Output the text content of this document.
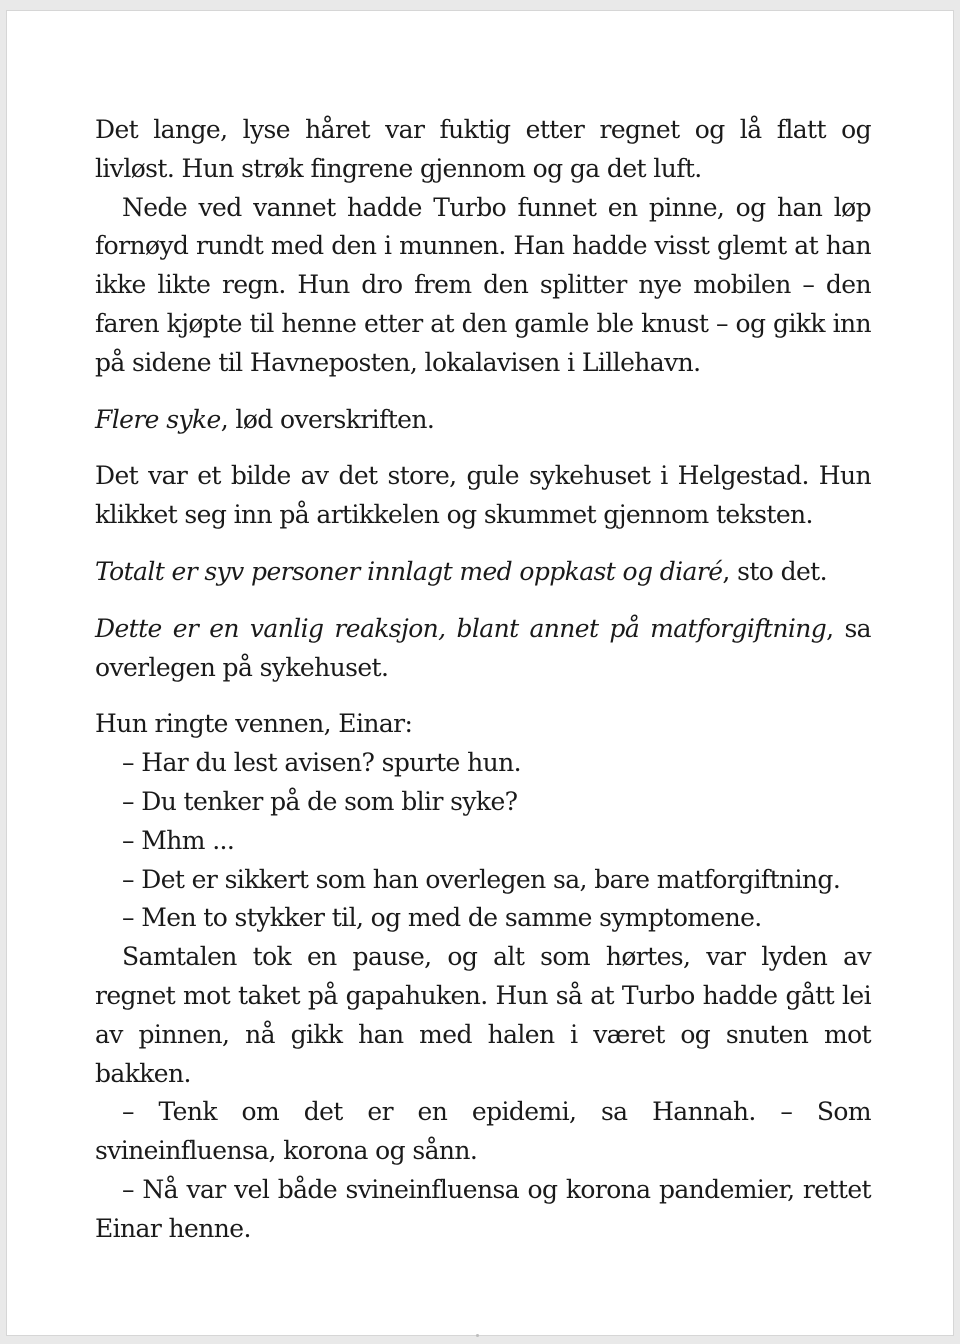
Det lange, lyse håret var fuktig etter regnet og lå flatt og livløst. Hun strøk fingrene gjennom og ga det luft.

Nede ved vannet hadde Turbo funnet en pinne, og han løp fornøyd rundt med den i munnen. Han hadde visst glemt at han ikke likte regn. Hun dro frem den splitter nye mobilen – den faren kjøpte til henne etter at den gamle ble knust – og gikk inn på sidene til Havneposten, lokalavisen i Lillehavn.

Flere syke, lød overskriften.

Det var et bilde av det store, gule sykehuset i Helgestad. Hun klikket seg inn på artikkelen og skummet gjennom teksten.

Totalt er syv personer innlagt med oppkast og diaré, sto det.

Dette er en vanlig reaksjon, blant annet på matforgiftning, sa overlegen på sykehuset.

Hun ringte vennen, Einar:

– Har du lest avisen? spurte hun.

– Du tenker på de som blir syke?

– Mhm ...

– Det er sikkert som han overlegen sa, bare matforgiftning.

– Men to stykker til, og med de samme symptomene.

Samtalen tok en pause, og alt som hørtes, var lyden av regnet mot taket på gapahuken. Hun så at Turbo hadde gått lei av pinnen, nå gikk han med halen i været og snuten mot bakken.

– Tenk om det er en epidemi, sa Hannah. – Som svineinfluensa, korona og sånn.

– Nå var vel både svineinfluensa og korona pandemier, rettet Einar henne.
